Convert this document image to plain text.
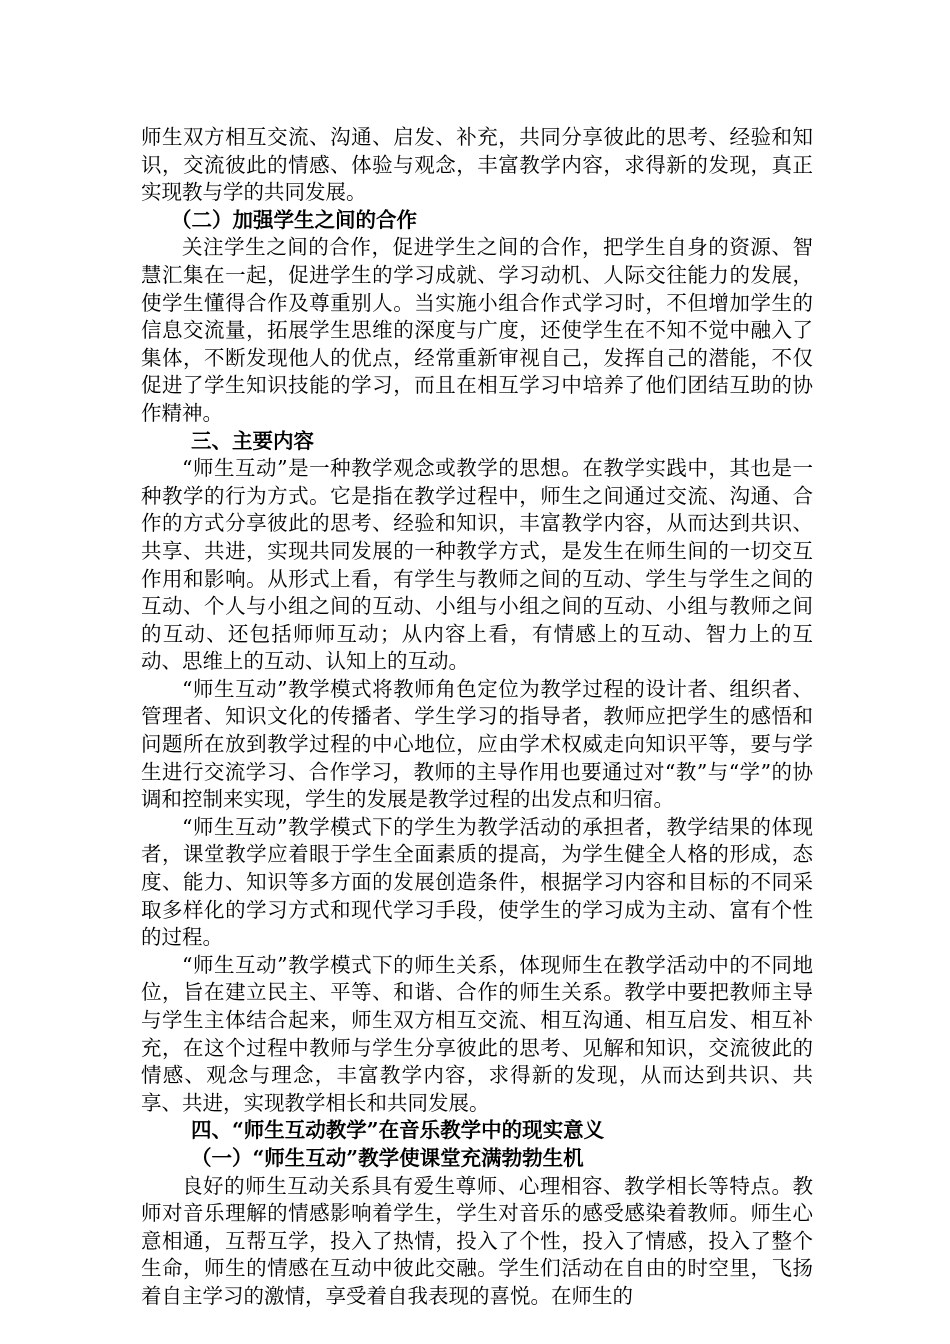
师生双方相互交流、沟通、启发、补充，共同分享彼此的思考、经验和知识，交流彼此的情感、体验与观念，丰富教学内容，求得新的发现，真正实现教与学的共同发展。

（二）加强学生之间的合作

关注学生之间的合作，促进学生之间的合作，把学生自身的资源、智慧汇集在一起，促进学生的学习成就、学习动机、人际交往能力的发展，使学生懂得合作及尊重别人。当实施小组合作式学习时，不但增加学生的信息交流量，拓展学生思维的深度与广度，还使学生在不知不觉中融入了集体，不断发现他人的优点，经常重新审视自己，发挥自己的潜能，不仅促进了学生知识技能的学习，而且在相互学习中培养了他们团结互助的协作精神。

三、主要内容

“师生互动”是一种教学观念或教学的思想。在教学实践中，其也是一种教学的行为方式。它是指在教学过程中，师生之间通过交流、沟通、合作的方式分享彼此的思考、经验和知识，丰富教学内容，从而达到共识、共享、共进，实现共同发展的一种教学方式，是发生在师生间的一切交互作用和影响。从形式上看，有学生与教师之间的互动、学生与学生之间的互动、个人与小组之间的互动、小组与小组之间的互动、小组与教师之间的互动、还包括师师互动；从内容上看，有情感上的互动、智力上的互动、思维上的互动、认知上的互动。

“师生互动”教学模式将教师角色定位为教学过程的设计者、组织者、管理者、知识文化的传播者、学生学习的指导者，教师应把学生的感悟和问题所在放到教学过程的中心地位，应由学术权威走向知识平等，要与学生进行交流学习、合作学习，教师的主导作用也要通过对“教”与“学”的协调和控制来实现，学生的发展是教学过程的出发点和归宿。

“师生互动”教学模式下的学生为教学活动的承担者，教学结果的体现者，课堂教学应着眼于学生全面素质的提高，为学生健全人格的形成，态度、能力、知识等多方面的发展创造条件，根据学习内容和目标的不同采取多样化的学习方式和现代学习手段，使学生的学习成为主动、富有个性的过程。

“师生互动”教学模式下的师生关系，体现师生在教学活动中的不同地位，旨在建立民主、平等、和谐、合作的师生关系。教学中要把教师主导与学生主体结合起来，师生双方相互交流、相互沟通、相互启发、相互补充，在这个过程中教师与学生分享彼此的思考、见解和知识，交流彼此的情感、观念与理念，丰富教学内容，求得新的发现，从而达到共识、共享、共进，实现教学相长和共同发展。

四、“师生互动教学”在音乐教学中的现实意义

（一）“师生互动”教学使课堂充满勃勃生机

良好的师生互动关系具有爱生尊师、心理相容、教学相长等特点。教师对音乐理解的情感影响着学生，学生对音乐的感受感染着教师。师生心意相通，互帮互学，投入了热情，投入了个性，投入了情感，投入了整个生命，师生的情感在互动中彼此交融。学生们活动在自由的时空里，飞扬着自主学习的激情，享受着自我表现的喜悦。在师生的
